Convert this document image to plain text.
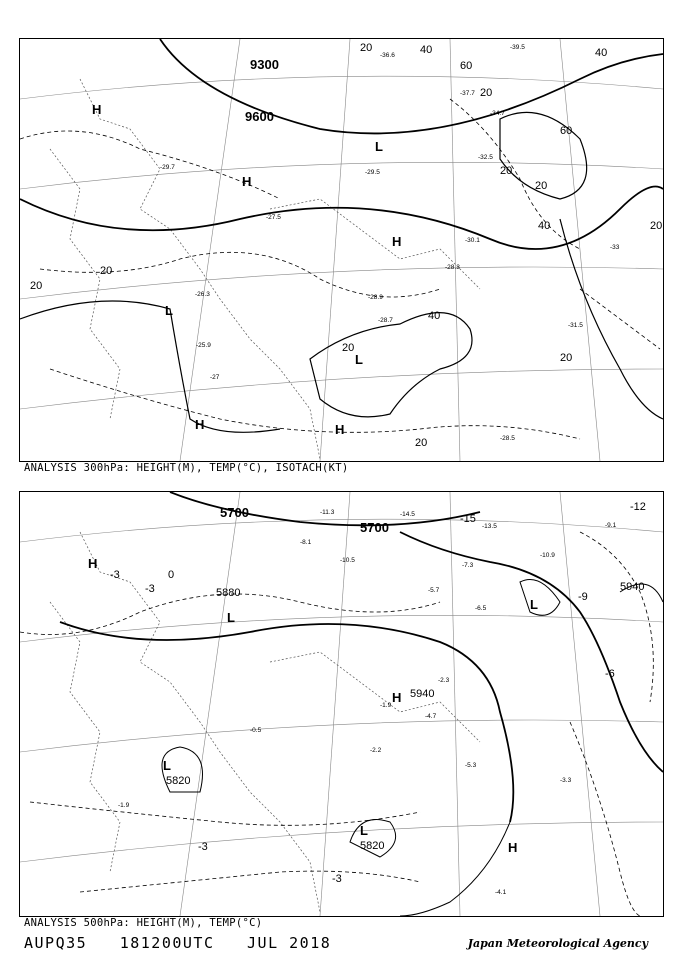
9300
9600
20	40
60
20
40
20
20
40	20
60
20
20
40
20
20
20
H
L
H
L
H
H	H
L
-29.5
-27.5
-28.3
-28.7
-30.1
-28.9
-31.5
-28.5
-26.3
-25.9
-33
-27
-29.7
-36.6
-37.7
-32.5
-34.7
-39.5
ANALYSIS 300hPa: HEIGHT(M), TEMP(°C), ISOTACH(KT)
5700
5700
5880	5940
5940
5820
5820
-3	0
-3
-9
-6
-3
-12
-15
-3
H
L
H
L
L
L
H
-10.5
-7.3
-5.7
-2.3
-4.7
-1.9
-2.2
-5.3
-3.3
-4.1
-0.5
-1.9
-6.5
-8.1
-11.3	-14.5
-13.5	-9.1
-10.9
ANALYSIS 500hPa: HEIGHT(M), TEMP(°C)
AUPQ35 181200UTC JUL 2018	Japan Meteorological Agency
